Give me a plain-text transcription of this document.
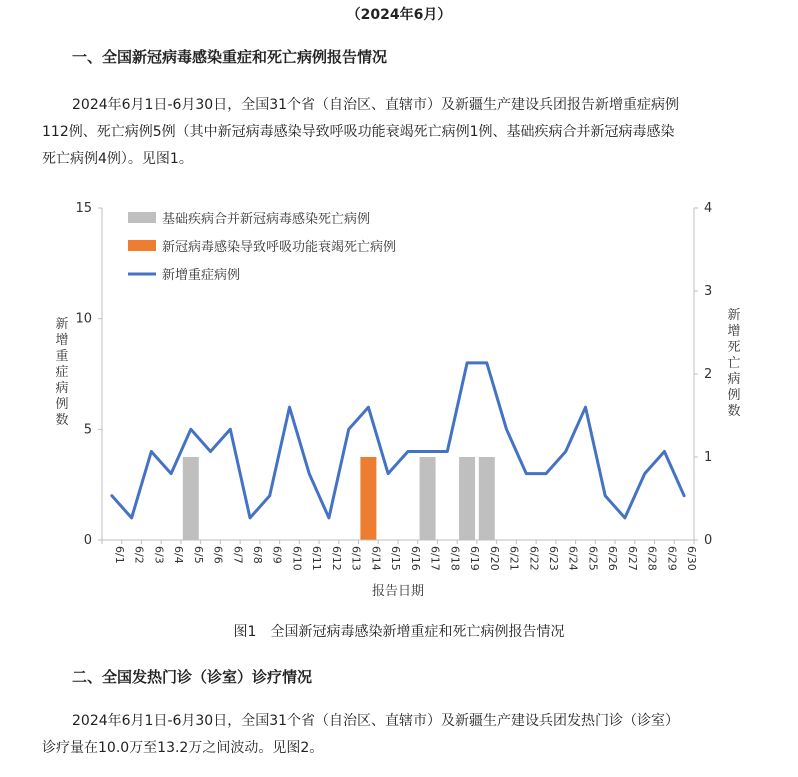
（2024年6月）
一、全国新冠病毒感染重症和死亡病例报告情况
2024年6月1日-6月30日，全国31个省（自治区、直辖市）及新疆生产建设兵团报告新增重症病例
112例、死亡病例5例（其中新冠病毒感染导致呼吸功能衰竭死亡病例1例、基础疾病合并新冠病毒感染
死亡病例4例）。见图1。
0
5
10
15
0
1
2
3
4
6/1 6/2 6/3 6/4 6/5 6/6 6/7 6/8 6/9 6/10 6/11 6/12 6/13 6/14 6/15 6/16 6/17 6/18 6/19 6/20 6/21 6/22 6/23 6/24 6/25 6/26 6/27 6/28 6/29 6/30
基础疾病合并新冠病毒感染死亡病例
新冠病毒感染导致呼吸功能衰竭死亡病例
新增重症病例
新增重症病例数
新增死亡病例数
报告日期
图1　全国新冠病毒感染新增重症和死亡病例报告情况
二、全国发热门诊（诊室）诊疗情况
2024年6月1日-6月30日，全国31个省（自治区、直辖市）及新疆生产建设兵团发热门诊（诊室）
诊疗量在10.0万至13.2万之间波动。见图2。
